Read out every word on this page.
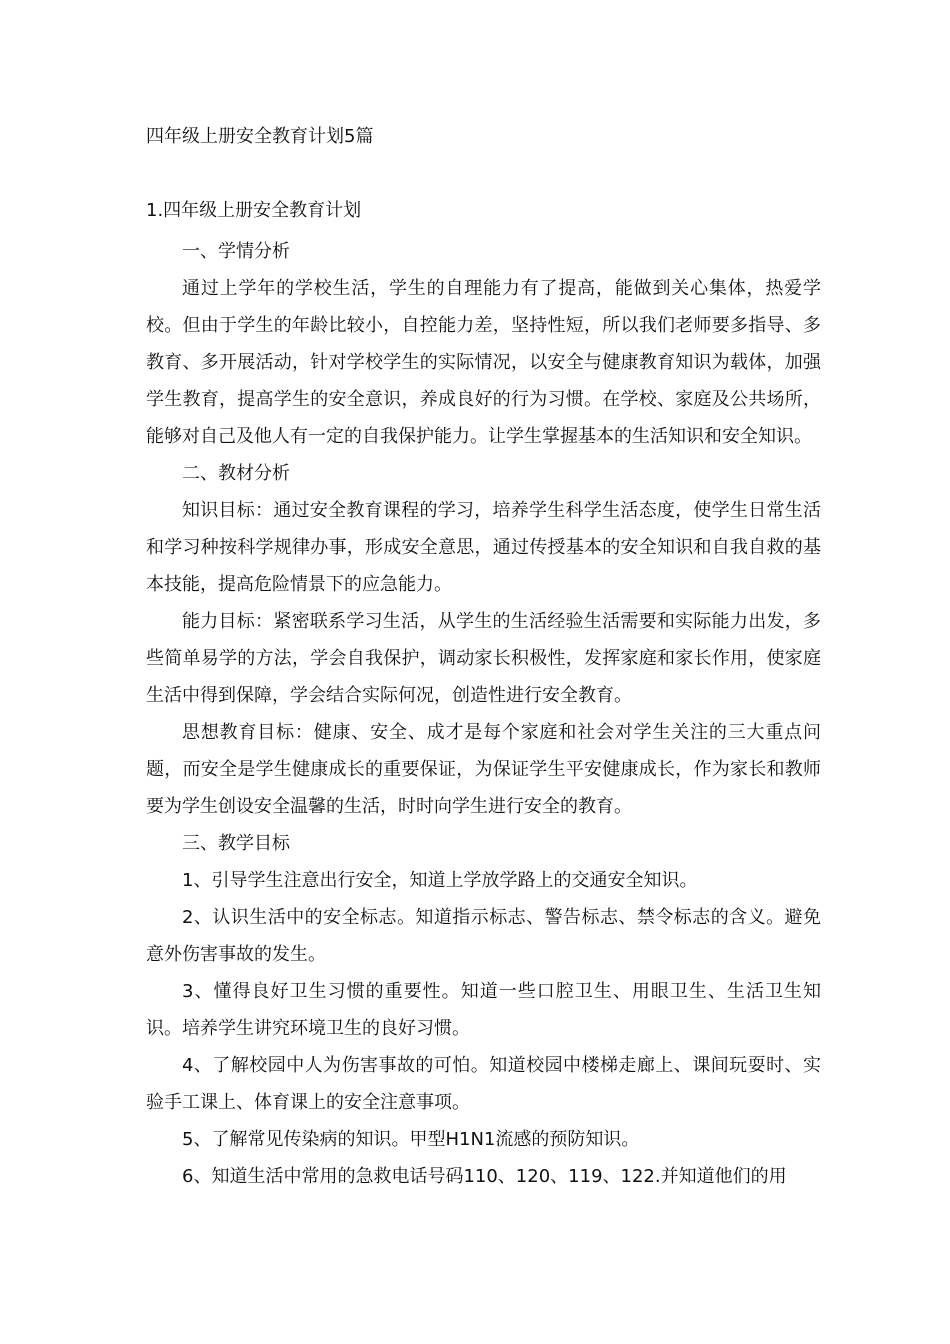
四年级上册安全教育计划5篇
1.四年级上册安全教育计划

一、学情分析

通过上学年的学校生活，学生的自理能力有了提高，能做到关心集体，热爱学校。但由于学生的年龄比较小，自控能力差，坚持性短，所以我们老师要多指导、多教育、多开展活动，针对学校学生的实际情况，以安全与健康教育知识为载体，加强学生教育，提高学生的安全意识，养成良好的行为习惯。在学校、家庭及公共场所，能够对自己及他人有一定的自我保护能力。让学生掌握基本的生活知识和安全知识。

二、教材分析

知识目标：通过安全教育课程的学习，培养学生科学生活态度，使学生日常生活和学习种按科学规律办事，形成安全意思，通过传授基本的安全知识和自我自救的基本技能，提高危险情景下的应急能力。

能力目标：紧密联系学习生活，从学生的生活经验生活需要和实际能力出发，多些简单易学的方法，学会自我保护，调动家长积极性，发挥家庭和家长作用，使家庭生活中得到保障，学会结合实际何况，创造性进行安全教育。

思想教育目标：健康、安全、成才是每个家庭和社会对学生关注的三大重点问题，而安全是学生健康成长的重要保证，为保证学生平安健康成长，作为家长和教师要为学生创设安全温馨的生活，时时向学生进行安全的教育。

三、教学目标

1、引导学生注意出行安全，知道上学放学路上的交通安全知识。

2、认识生活中的安全标志。知道指示标志、警告标志、禁令标志的含义。避免意外伤害事故的发生。

3、懂得良好卫生习惯的重要性。知道一些口腔卫生、用眼卫生、生活卫生知识。培养学生讲究环境卫生的良好习惯。

4、了解校园中人为伤害事故的可怕。知道校园中楼梯走廊上、课间玩耍时、实验手工课上、体育课上的安全注意事项。

5、了解常见传染病的知识。甲型H1N1流感的预防知识。

6、知道生活中常用的急救电话号码110、120、119、122.并知道他们的用
